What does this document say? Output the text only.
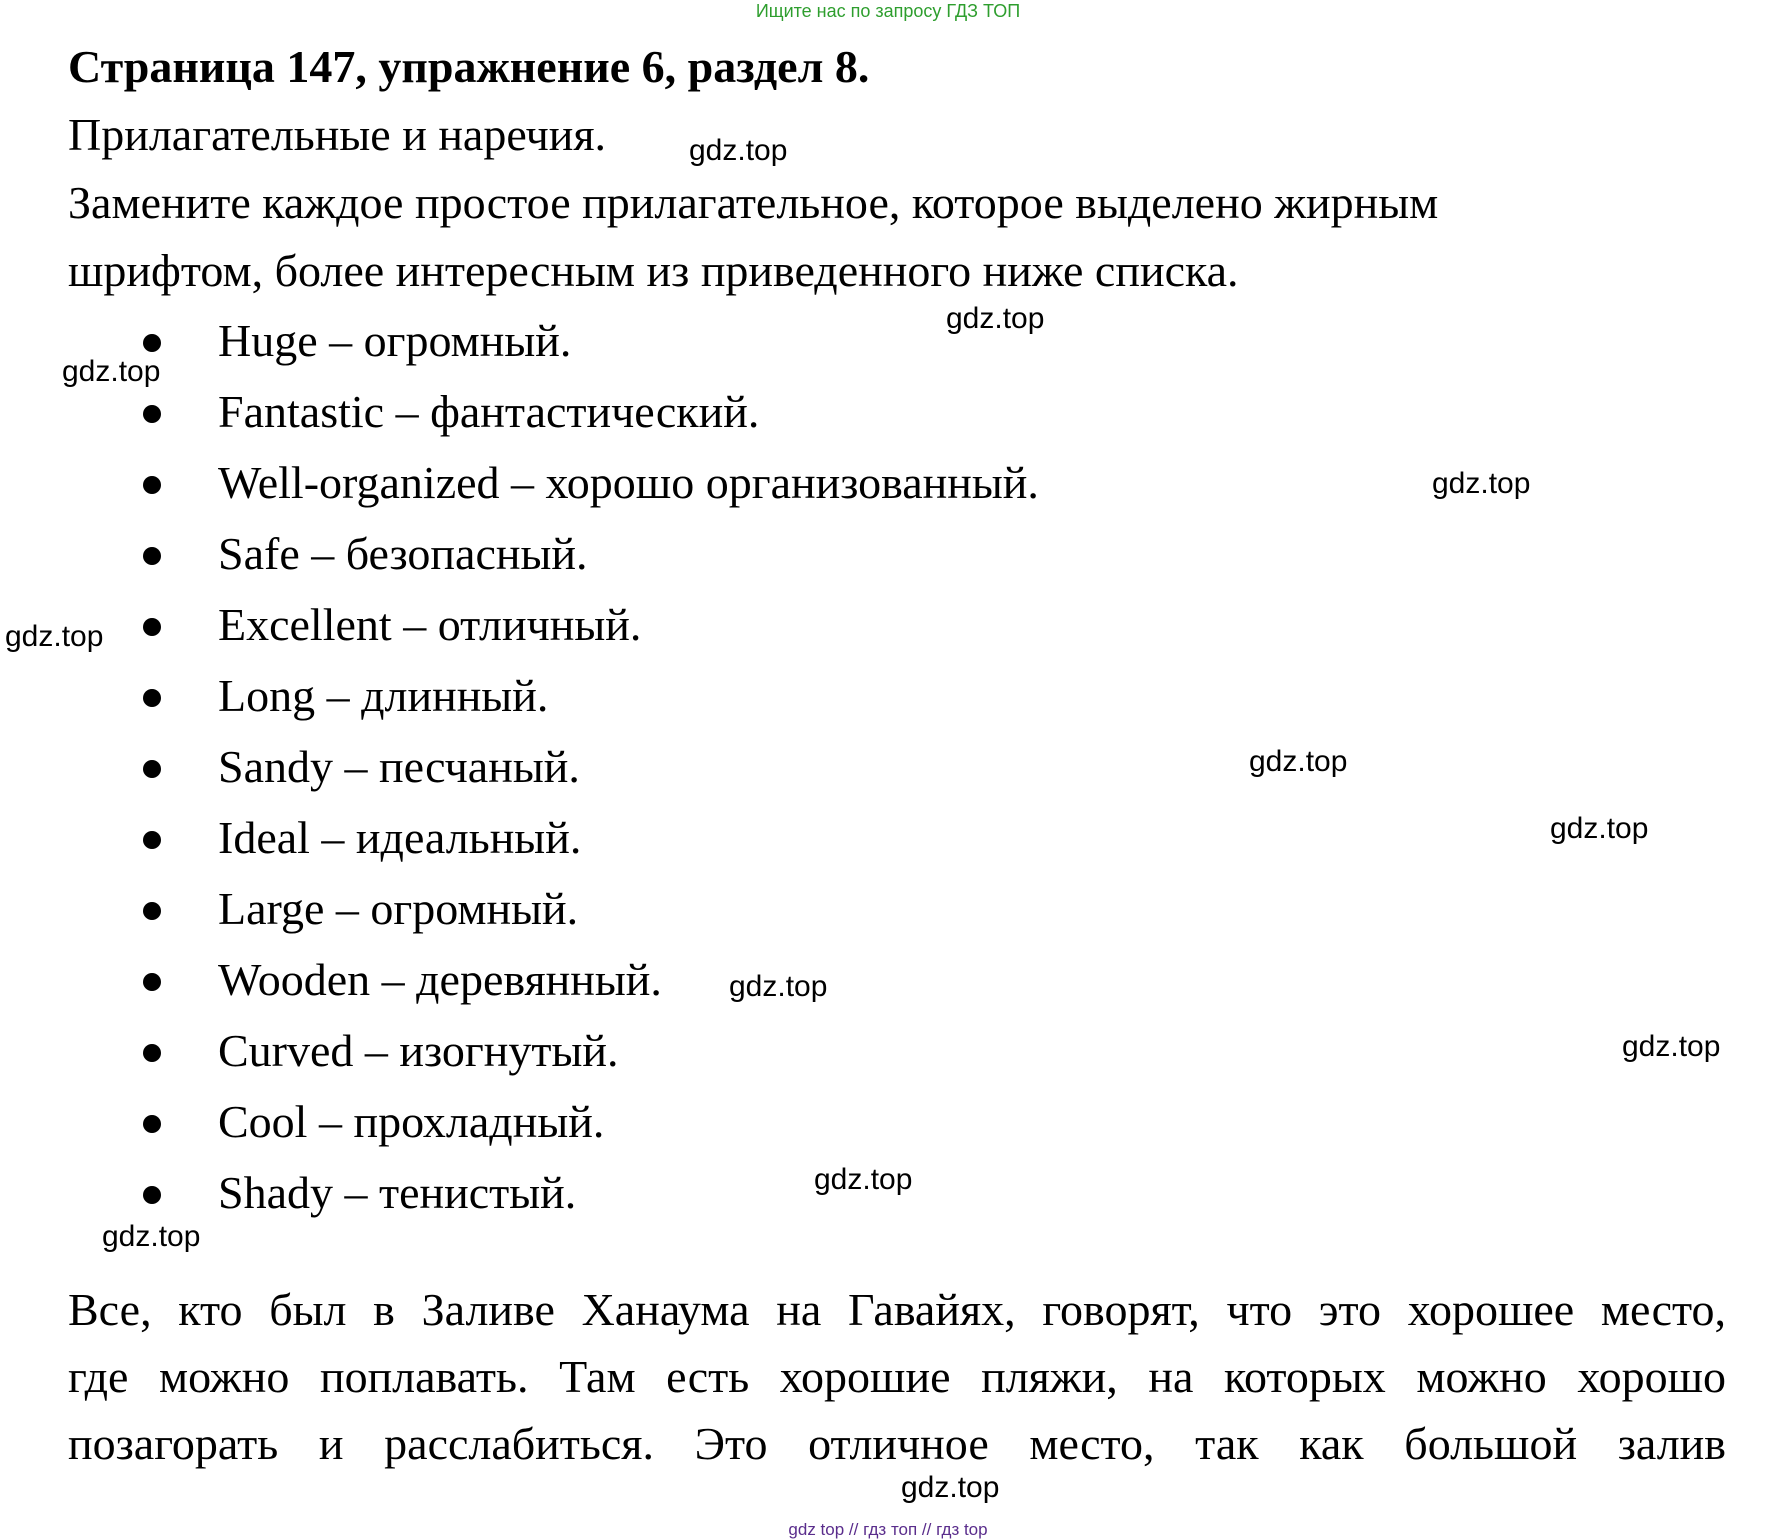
Ищите нас по запросу ГДЗ ТОП
Страница 147, упражнение 6, раздел 8.
Прилагательные и наречия.
Замените каждое простое прилагательное, которое выделено жирным
шрифтом, более интересным из приведенного ниже списка.
Huge – огромный.
Fantastic – фантастический.
Well-organized – хорошо организованный.
Safe – безопасный.
Excellent – отличный.
Long – длинный.
Sandy – песчаный.
Ideal – идеальный.
Large – огромный.
Wooden – деревянный.
Curved – изогнутый.
Cool – прохладный.
Shady – тенистый.
Все, кто был в Заливе Ханаума на Гавайях, говорят, что это хорошее место,
где можно поплавать. Там есть хорошие пляжи, на которых можно хорошо
позагорать и расслабиться. Это отличное место, так как большой залив
gdz.top
gdz.top
gdz.top
gdz.top
gdz.top
gdz.top
gdz.top
gdz.top
gdz.top
gdz.top
gdz.top
gdz.top
gdz top // гдз топ // гдз top
